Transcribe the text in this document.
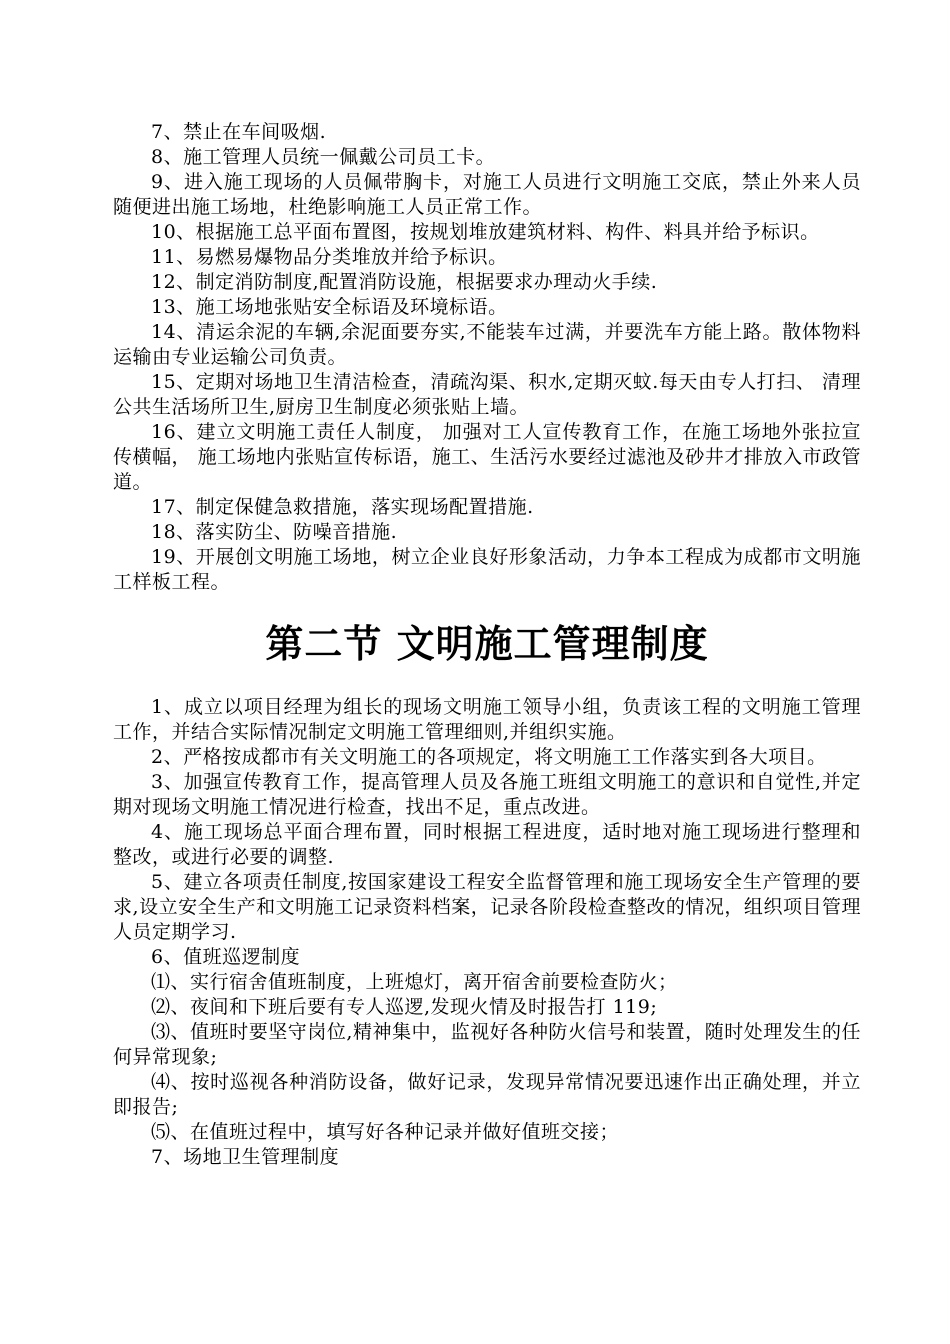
7、禁止在车间吸烟.

8、施工管理人员统一佩戴公司员工卡。

9、进入施工现场的人员佩带胸卡，对施工人员进行文明施工交底，禁止外来人员随便进出施工场地，杜绝影响施工人员正常工作。

10、根据施工总平面布置图，按规划堆放建筑材料、构件、料具并给予标识。

11、易燃易爆物品分类堆放并给予标识。

12、制定消防制度,配置消防设施，根据要求办理动火手续.

13、施工场地张贴安全标语及环境标语。

14、清运余泥的车辆,余泥面要夯实,不能装车过满，并要洗车方能上路。散体物料运输由专业运输公司负责。

15、定期对场地卫生清洁检查，清疏沟渠、积水,定期灭蚊.每天由专人打扫、 清理公共生活场所卫生,厨房卫生制度必须张贴上墙。

16、建立文明施工责任人制度， 加强对工人宣传教育工作，在施工场地外张拉宣传横幅， 施工场地内张贴宣传标语，施工、生活污水要经过滤池及砂井才排放入市政管道。

17、制定保健急救措施，落实现场配置措施.

18、落实防尘、防噪音措施.

19、开展创文明施工场地，树立企业良好形象活动，力争本工程成为成都市文明施工样板工程。

第二节 文明施工管理制度

1、成立以项目经理为组长的现场文明施工领导小组，负责该工程的文明施工管理工作，并结合实际情况制定文明施工管理细则,并组织实施。

2、严格按成都市有关文明施工的各项规定，将文明施工工作落实到各大项目。

3、加强宣传教育工作，提高管理人员及各施工班组文明施工的意识和自觉性,并定期对现场文明施工情况进行检查，找出不足，重点改进。

4、施工现场总平面合理布置，同时根据工程进度，适时地对施工现场进行整理和整改，或进行必要的调整.

5、建立各项责任制度,按国家建设工程安全监督管理和施工现场安全生产管理的要求,设立安全生产和文明施工记录资料档案，记录各阶段检查整改的情况，组织项目管理人员定期学习.

6、值班巡逻制度

⑴、实行宿舍值班制度，上班熄灯，离开宿舍前要检查防火；

⑵、夜间和下班后要有专人巡逻,发现火情及时报告打 119;

⑶、值班时要坚守岗位,精神集中，监视好各种防火信号和装置，随时处理发生的任何异常现象;

⑷、按时巡视各种消防设备，做好记录，发现异常情况要迅速作出正确处理，并立即报告;

⑸、在值班过程中，填写好各种记录并做好值班交接；

7、场地卫生管理制度
